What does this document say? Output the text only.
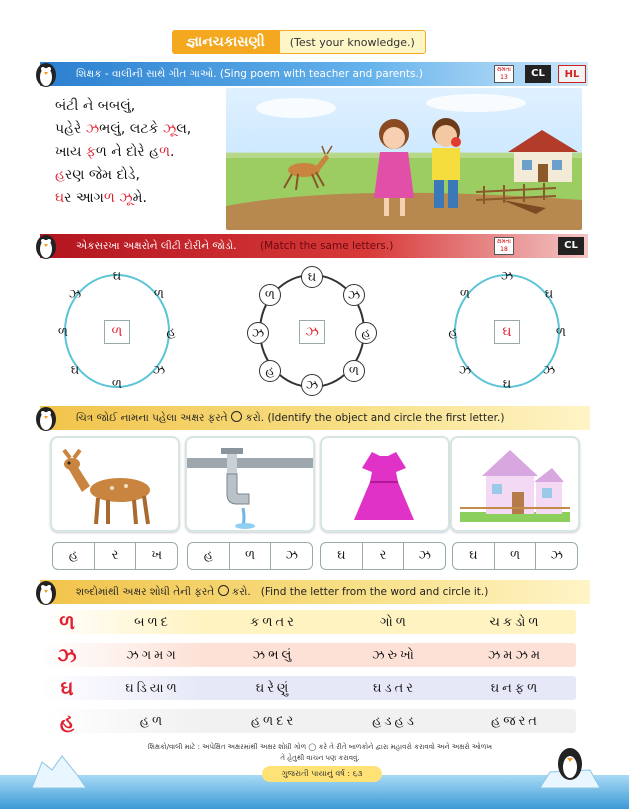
જ્ઞાનચકાસણી	(Test your knowledge.)
શિક્ષક - વાલીની સાથે ગીત ગાઓ. (Sing poem with teacher and parents.)	ક્ષમતા 13	CL	HL
બંટી ને બબલું,
પહેરે ઝભલું, લટકે ઝૂલ,
ખાય ફળ ને દોરે હળ.
હરણ જેમ દોડે,
ઘર આગળ ઝૂમે.
એકસરખા અક્ષરોને લીટી દોરીને જોડો. (Match the same letters.)	ક્ષમતા 18	CL
ઘ
ળ
હ
ઝ
ળ
ઘ
ળ
ઝ
ળ
ઘ
ઝ
હ
ળ
ઝ
હ
ઝ
ળ
ઝ
ઝ
ઘ
ળ
ઝ
ઘ
ઝ
હ
ળ
ઘ
ચિત્ર જોઈ નામના પહેલા અક્ષર ફરતે કરો. (Identify the object and circle the first letter.)
હ	ર	ખ	હ	ળ	ઝ	ઘ	ર	ઝ	ઘ	ળ	ઝ
શબ્દોમાંથી અક્ષર શોધી તેની ફરતે કરો. (Find the letter from the word and circle it.)
ળ	બળદ	કળતર	ગોળ	ચકડોળ
ઝ	ઝગમગ	ઝભલું	ઝરુખો	ઝમઝમ
ઘ	ઘડિયાળ	ઘરેણું	ઘડતર	ઘનફળ
હ	હળ	હળદર	હડહડ	હજરત
શિક્ષકો/વાલી માટે : અપેક્ષિત અક્ષરમાંથી અક્ષર શોધી ગોળ ◯ કરે તે રીતે બાળકોને દ્વારા મહાવરો કરાવવો અને અક્ષરો ઓળખ
તે હેતુથી વાચન પણ કરાવવું.
ગુજરાતી પાયાનું વર્ષ : ૬૩
